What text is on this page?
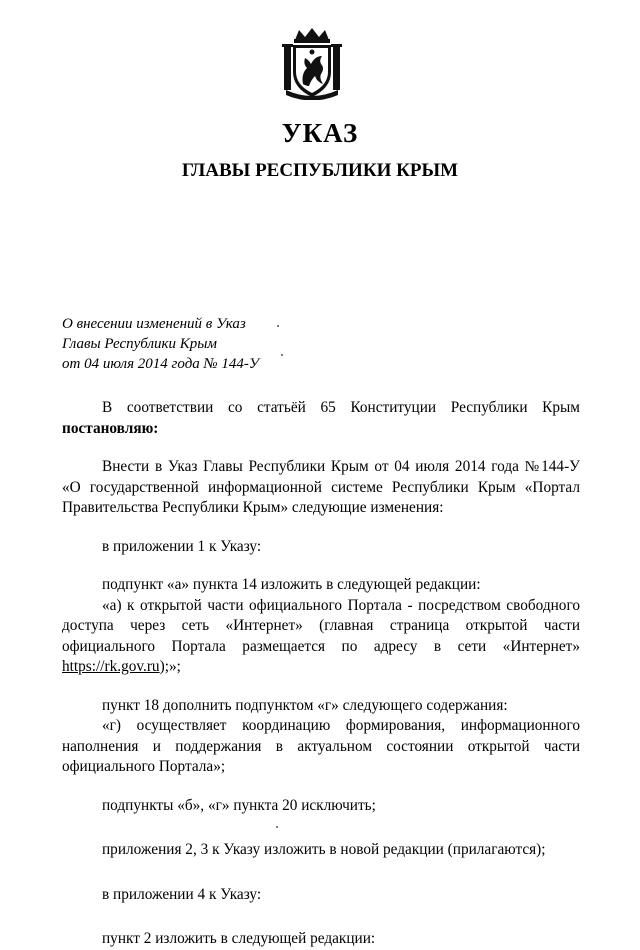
УКАЗ
ГЛАВЫ РЕСПУБЛИКИ КРЫМ
О внесении изменений в Указ
Главы Республики Крым
от 04 июля 2014 года № 144-У

В соответствии со статьёй 65 Конституции Республики Крым

постановляю:

Внести в Указ Главы Республики Крым от 04 июля 2014 года №144-У

«О государственной информационной системе Республики Крым «Портал

Правительства Республики Крым» следующие изменения:

в приложении 1 к Указу:

подпункт «а» пункта 14 изложить в следующей редакции:

«а) к открытой части официального Портала - посредством свободного

доступа через сеть «Интернет» (главная страница открытой части

официального Портала размещается по адресу в сети «Интернет»

https://rk.gov.ru);»;

пункт 18 дополнить подпунктом «г» следующего содержания:

«г) осуществляет координацию формирования, информационного

наполнения и поддержания в актуальном состоянии открытой части

официального Портала»;

подпункты «б», «г» пункта 20 исключить;

приложения 2, 3 к Указу изложить в новой редакции (прилагаются);

в приложении 4 к Указу:

пункт 2 изложить в следующей редакции:
